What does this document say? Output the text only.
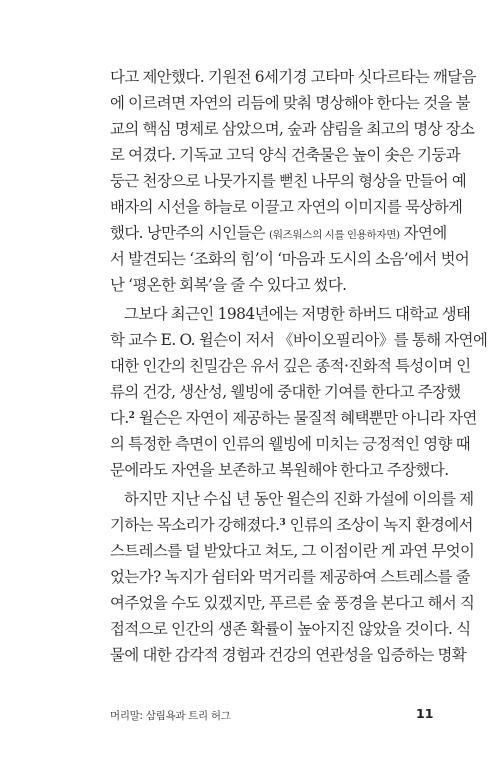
다고 제안했다. 기원전 6세기경 고타마 싯다르타는 깨달음
에 이르려면 자연의 리듬에 맞춰 명상해야 한다는 것을 불
교의 핵심 명제로 삼았으며, 숲과 샴림을 최고의 명상 장소
로 여겼다. 기독교 고딕 양식 건축물은 높이 솟은 기둥과
둥근 천장으로 나뭇가지를 뻗친 나무의 형상을 만들어 예
배자의 시선을 하늘로 이끌고 자연의 이미지를 묵상하게
했다. 낭만주의 시인들은 (워즈워스의 시를 인용하자면) 자연에
서 발견되는 ‘조화의 힘’이 ‘마음과 도시의 소음’에서 벗어
난 ‘평온한 회복’을 줄 수 있다고 썼다.
그보다 최근인 1984년에는 저명한 하버드 대학교 생태
학 교수 E. O. 윌슨이 저서 《바이오필리아》를 통해 자연에
대한 인간의 친밀감은 유서 깊은 종적·진화적 특성이며 인
류의 건강, 생산성, 웰빙에 중대한 기여를 한다고 주장했
다.$^2$ 윌슨은 자연이 제공하는 물질적 혜택뿐만 아니라 자연
의 특정한 측면이 인류의 웰빙에 미치는 긍정적인 영향 때
문에라도 자연을 보존하고 복원해야 한다고 주장했다.
하지만 지난 수십 년 동안 윌슨의 진화 가설에 이의를 제
기하는 목소리가 강해졌다.$^3$ 인류의 조상이 녹지 환경에서
스트레스를 덜 받았다고 쳐도, 그 이점이란 게 과연 무엇이
었는가? 녹지가 쉼터와 먹거리를 제공하여 스트레스를 줄
여주었을 수도 있겠지만, 푸르른 숲 풍경을 본다고 해서 직
접적으로 인간의 생존 확률이 높아지진 않았을 것이다. 식
물에 대한 감각적 경험과 건강의 연관성을 입증하는 명확
머리말: 삼림욕과 트리 허그	11
